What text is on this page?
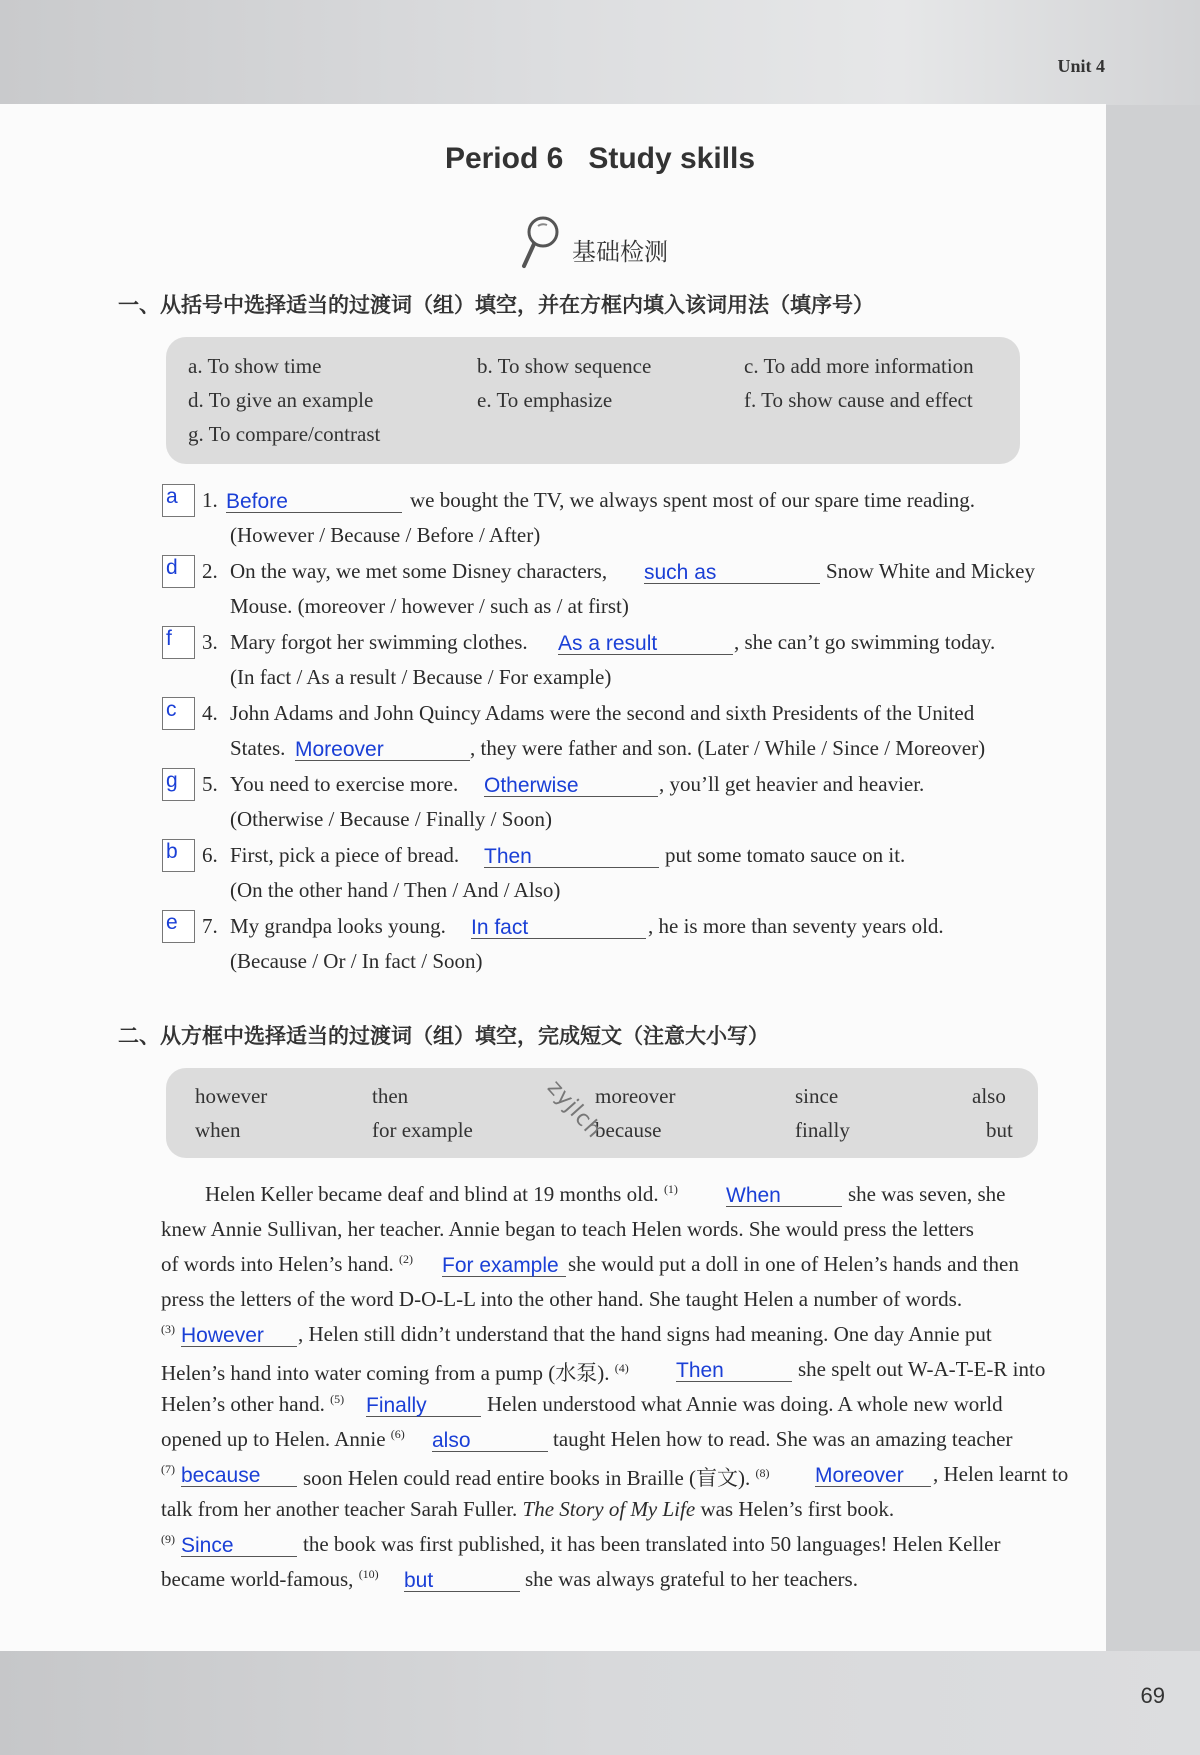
Unit 4
69
Period 6   Study skills
基础检测
一、从括号中选择适当的过渡词（组）填空，并在方框内填入该词用法（填序号）
a. To show time	b. To show sequence	c. To add more information
d. To give an example	e. To emphasize	f. To show cause and effect
g. To compare/contrast
a 1. Before	we bought the TV, we always spent most of our spare time reading.
(However / Because / Before / After)
d 2. On the way, we met some Disney characters, such as	Snow White and Mickey
Mouse. (moreover / however / such as / at first)
f 3. Mary forgot her swimming clothes. As a result	, she can’t go swimming today.
(In fact / As a result / Because / For example)
c 4. John Adams and John Quincy Adams were the second and sixth Presidents of the United
States. Moreover	, they were father and son. (Later / While / Since / Moreover)
g 5. You need to exercise more. Otherwise	, you’ll get heavier and heavier.
(Otherwise / Because / Finally / Soon)
b 6. First, pick a piece of bread. Then	put some tomato sauce on it.
(On the other hand / Then / And / Also)
e 7. My grandpa looks young. In fact	, he is more than seventy years old.
(Because / Or / In fact / Soon)
二、从方框中选择适当的过渡词（组）填空，完成短文（注意大小写）
however	then	moreover	since	also
when	for example	because	finally	but
zyjlch
Helen Keller became deaf and blind at 19 months old. $^{(1)}$ When	she was seven, she
knew Annie Sullivan, her teacher. Annie began to teach Helen words. She would press the letters
of words into Helen’s hand. $^{(2)}$ For example she would put a doll in one of Helen’s hands and then
press the letters of the word D-O-L-L into the other hand. She taught Helen a number of words.
$^{(3)}$ However , Helen still didn’t understand that the hand signs had meaning. One day Annie put
Helen’s hand into water coming from a pump (水泵). $^{(4)}$ Then	she spelt out W-A-T-E-R into
Helen’s other hand. $^{(5)}$ Finally	Helen understood what Annie was doing. A whole new world
opened up to Helen. Annie $^{(6)}$ also	taught Helen how to read. She was an amazing teacher
$^{(7)}$ because soon Helen could read entire books in Braille (盲文). $^{(8)}$ Moreover , Helen learnt to
talk from her another teacher Sarah Fuller. The Story of My Life was Helen’s first book.
$^{(9)}$ Since	the book was first published, it has been translated into 50 languages! Helen Keller
became world-famous, $^{(10)}$ but	she was always grateful to her teachers.
